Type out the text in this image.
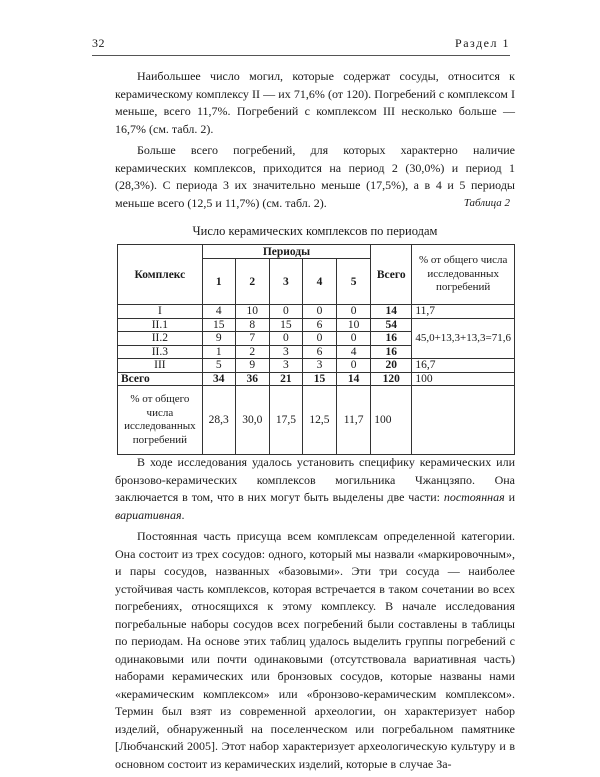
32	Раздел 1

Наибольшее число могил, которые содержат сосуды, относится к керамическому комплексу II — их 71,6% (от 120). Погребений с комплексом I меньше, всего 11,7%. Погребений с комплексом III несколько больше — 16,7% (см. табл. 2).

Больше всего погребений, для которых характерно наличие керамических комплексов, приходится на период 2 (30,0%) и период 1 (28,3%). С периода 3 их значительно меньше (17,5%), а в 4 и 5 периоды меньше всего (12,5 и 11,7%) (см. табл. 2).	Таблица 2
Число керамических комплексов по периодам
Комплекс	Периоды					Всего	% от общего числа исследованных погребений
	1	2	3	4	5		
I	4	10	0	0	0	14	11,7
II.1	15	8	15	6	10	54	45,0+13,3+13,3=71,6
II.2	9	7	0	0	0	16	
II.3	1	2	3	6	4	16	
III	5	9	3	3	0	20	16,7
Всего	34	36	21	15	14	120	100
% от общего числа исследованных погребений	28,3	30,0	17,5	12,5	11,7	100	

В ходе исследования удалось установить специфику керамических или бронзово-керамических комплексов могильника Чжанцзяпо. Она заключается в том, что в них могут быть выделены две части: постоянная и вариативная.

Постоянная часть присуща всем комплексам определенной категории. Она состоит из трех сосудов: одного, который мы назвали «маркировочным», и пары сосудов, названных «базовыми». Эти три сосуда — наиболее устойчивая часть комплексов, которая встречается в таком сочетании во всех погребениях, относящихся к этому комплексу. В начале исследования погребальные наборы сосудов всех погребений были составлены в таблицы по периодам. На основе этих таблиц удалось выделить группы погребений с одинаковыми или почти одинаковыми (отсутствовала вариативная часть) наборами керамических или бронзовых сосудов, которые названы нами «керамическим комплексом» или «бронзово-керамическим комплексом». Термин был взят из современной археологии, он характеризует набор изделий, обнаруженный на поселенческом или погребальном памятнике [Любчанский 2005]. Этот набор характеризует археологическую культуру и в основном состоит из керамических изделий, которые в случае За-
